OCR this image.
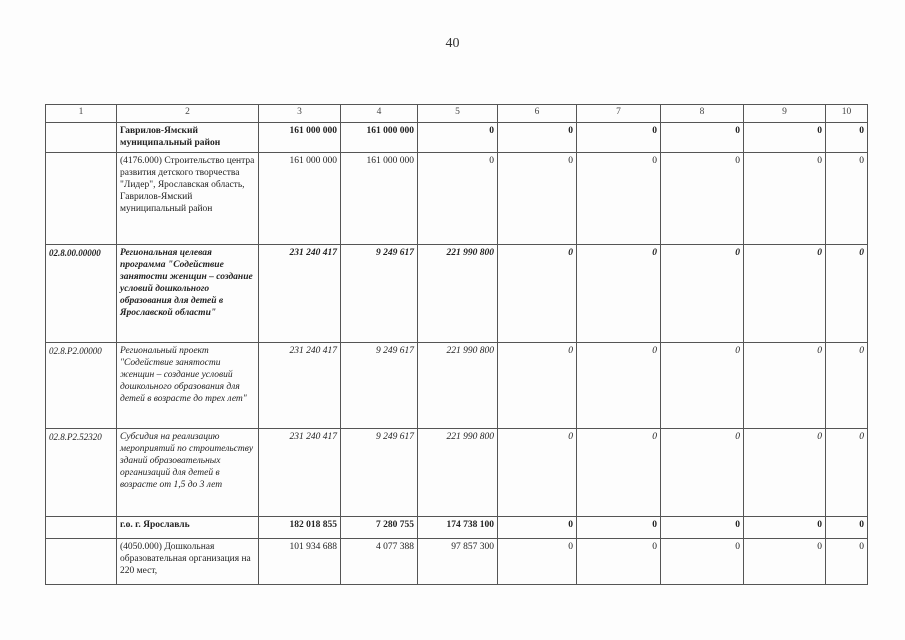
40
1	2	3	4	5	6	7	8	9	10
	Гаврилов-Ямский муниципальный район	161 000 000	161 000 000	0	0	0	0	0	0
	(4176.000) Строительство центра развития детского творчества "Лидер", Ярославская область, Гаврилов-Ямский муниципальный район	161 000 000	161 000 000	0	0	0	0	0	0
02.8.00.00000	Региональная целевая программа "Содействие занятости женщин – создание условий дошкольного образования для детей в Ярославской области"	231 240 417	9 249 617	221 990 800	0	0	0	0	0
02.8.P2.00000	Региональный проект "Содействие занятости женщин – создание условий дошкольного образования для детей в возрасте до трех лет"	231 240 417	9 249 617	221 990 800	0	0	0	0	0
02.8.P2.52320	Субсидия на реализацию мероприятий по строительству зданий образовательных организаций для детей в возрасте от 1,5 до 3 лет	231 240 417	9 249 617	221 990 800	0	0	0	0	0
	г.о. г. Ярославль	182 018 855	7 280 755	174 738 100	0	0	0	0	0
	(4050.000) Дошкольная образовательная организация на 220 мест,	101 934 688	4 077 388	97 857 300	0	0	0	0	0
